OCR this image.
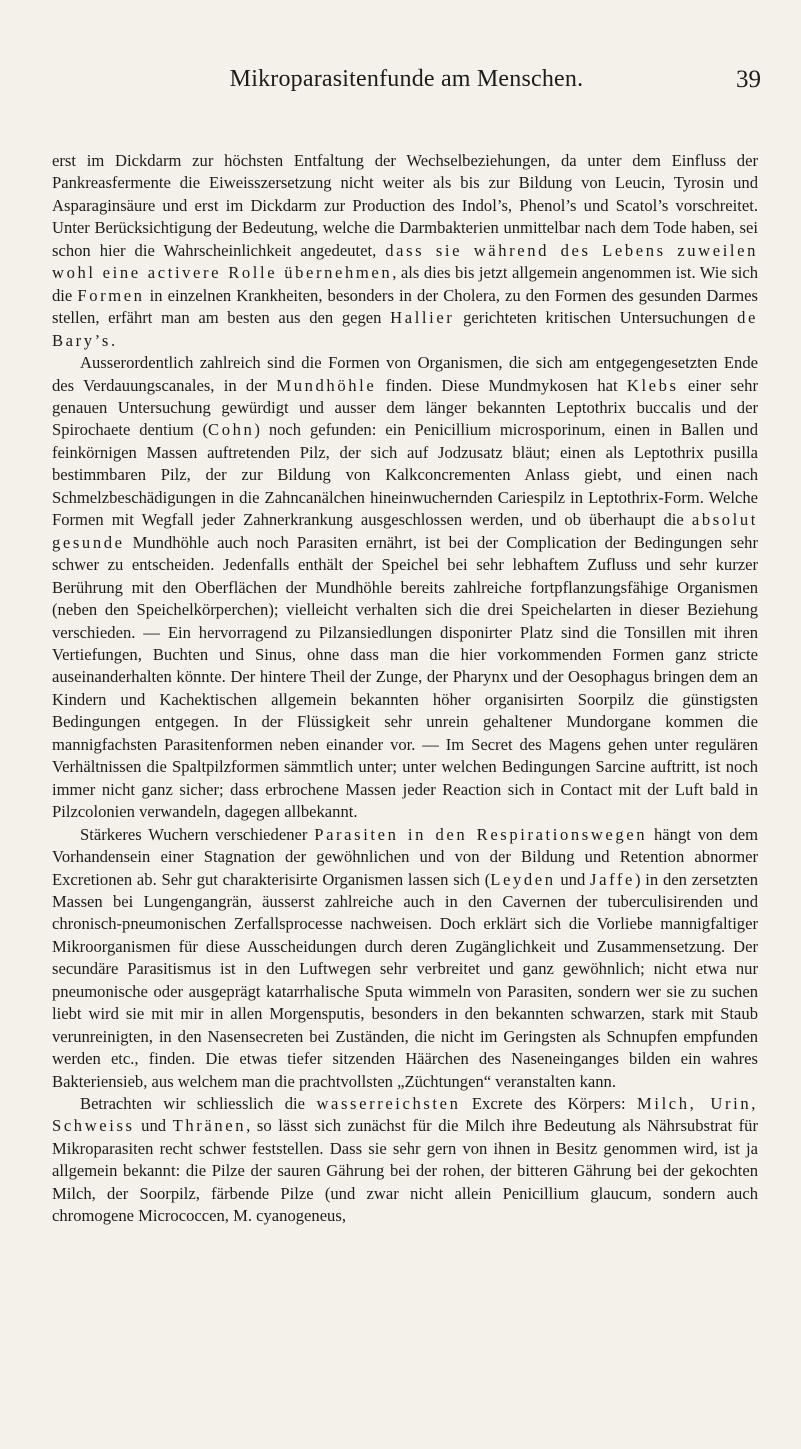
Mikroparasitenfunde am Menschen.	39

erst im Dickdarm zur höchsten Entfaltung der Wechselbeziehungen, da unter dem Einfluss der Pankreasfermente die Eiweisszersetzung nicht weiter als bis zur Bildung von Leucin, Tyrosin und Asparaginsäure und erst im Dickdarm zur Production des Indol’s, Phenol’s und Scatol’s vorschreitet. Unter Berücksichtigung der Bedeutung, welche die Darmbakterien unmittelbar nach dem Tode haben, sei schon hier die Wahrscheinlichkeit angedeutet, dass sie während des Lebens zuweilen wohl eine activere Rolle übernehmen, als dies bis jetzt allgemein angenommen ist. Wie sich die Formen in einzelnen Krankheiten, besonders in der Cholera, zu den Formen des gesunden Darmes stellen, erfährt man am besten aus den gegen Hallier gerichteten kritischen Untersuchungen de Bary’s.

Ausserordentlich zahlreich sind die Formen von Organismen, die sich am entgegengesetzten Ende des Verdauungscanales, in der Mundhöhle finden. Diese Mundmykosen hat Klebs einer sehr genauen Untersuchung gewürdigt und ausser dem länger bekannten Leptothrix buccalis und der Spirochaete dentium (Cohn) noch gefunden: ein Penicillium microsporinum, einen in Ballen und feinkörnigen Massen auftretenden Pilz, der sich auf Jodzusatz bläut; einen als Leptothrix pusilla bestimmbaren Pilz, der zur Bildung von Kalkconcrementen Anlass giebt, und einen nach Schmelzbeschädigungen in die Zahncanälchen hineinwuchernden Cariespilz in Leptothrix-Form. Welche Formen mit Wegfall jeder Zahnerkrankung ausgeschlossen werden, und ob überhaupt die absolut gesunde Mundhöhle auch noch Parasiten ernährt, ist bei der Complication der Bedingungen sehr schwer zu entscheiden. Jedenfalls enthält der Speichel bei sehr lebhaftem Zufluss und sehr kurzer Berührung mit den Oberflächen der Mundhöhle bereits zahlreiche fortpflanzungsfähige Organismen (neben den Speichelkörperchen); vielleicht verhalten sich die drei Speichelarten in dieser Beziehung verschieden. — Ein hervorragend zu Pilzansiedlungen disponirter Platz sind die Tonsillen mit ihren Vertiefungen, Buchten und Sinus, ohne dass man die hier vorkommenden Formen ganz stricte auseinanderhalten könnte. Der hintere Theil der Zunge, der Pharynx und der Oesophagus bringen dem an Kindern und Kachektischen allgemein bekannten höher organisirten Soorpilz die günstigsten Bedingungen entgegen. In der Flüssigkeit sehr unrein gehaltener Mundorgane kommen die mannigfachsten Parasitenformen neben einander vor. — Im Secret des Magens gehen unter regulären Verhältnissen die Spaltpilzformen sämmtlich unter; unter welchen Bedingungen Sarcine auftritt, ist noch immer nicht ganz sicher; dass erbrochene Massen jeder Reaction sich in Contact mit der Luft bald in Pilzcolonien verwandeln, dagegen allbekannt.

Stärkeres Wuchern verschiedener Parasiten in den Respirationswegen hängt von dem Vorhandensein einer Stagnation der gewöhnlichen und von der Bildung und Retention abnormer Excretionen ab. Sehr gut charakterisirte Organismen lassen sich (Leyden und Jaffe) in den zersetzten Massen bei Lungengangrän, äusserst zahlreiche auch in den Cavernen der tuberculisirenden und chronisch-pneumonischen Zerfallsprocesse nachweisen. Doch erklärt sich die Vorliebe mannigfaltiger Mikroorganismen für diese Ausscheidungen durch deren Zugänglichkeit und Zusammensetzung. Der secundäre Parasitismus ist in den Luftwegen sehr verbreitet und ganz gewöhnlich; nicht etwa nur pneumonische oder ausgeprägt katarrhalische Sputa wimmeln von Parasiten, sondern wer sie zu suchen liebt wird sie mit mir in allen Morgensputis, besonders in den bekannten schwarzen, stark mit Staub verunreinigten, in den Nasensecreten bei Zuständen, die nicht im Geringsten als Schnupfen empfunden werden etc., finden. Die etwas tiefer sitzenden Häärchen des Naseneinganges bilden ein wahres Bakteriensieb, aus welchem man die prachtvollsten „Züchtungen“ veranstalten kann.

Betrachten wir schliesslich die wasserreichsten Excrete des Körpers: Milch, Urin, Schweiss und Thränen, so lässt sich zunächst für die Milch ihre Bedeutung als Nährsubstrat für Mikroparasiten recht schwer feststellen. Dass sie sehr gern von ihnen in Besitz genommen wird, ist ja allgemein bekannt: die Pilze der sauren Gährung bei der rohen, der bitteren Gährung bei der gekochten Milch, der Soorpilz, färbende Pilze (und zwar nicht allein Penicillium glaucum, sondern auch chromogene Micrococcen, M. cyanogeneus,
